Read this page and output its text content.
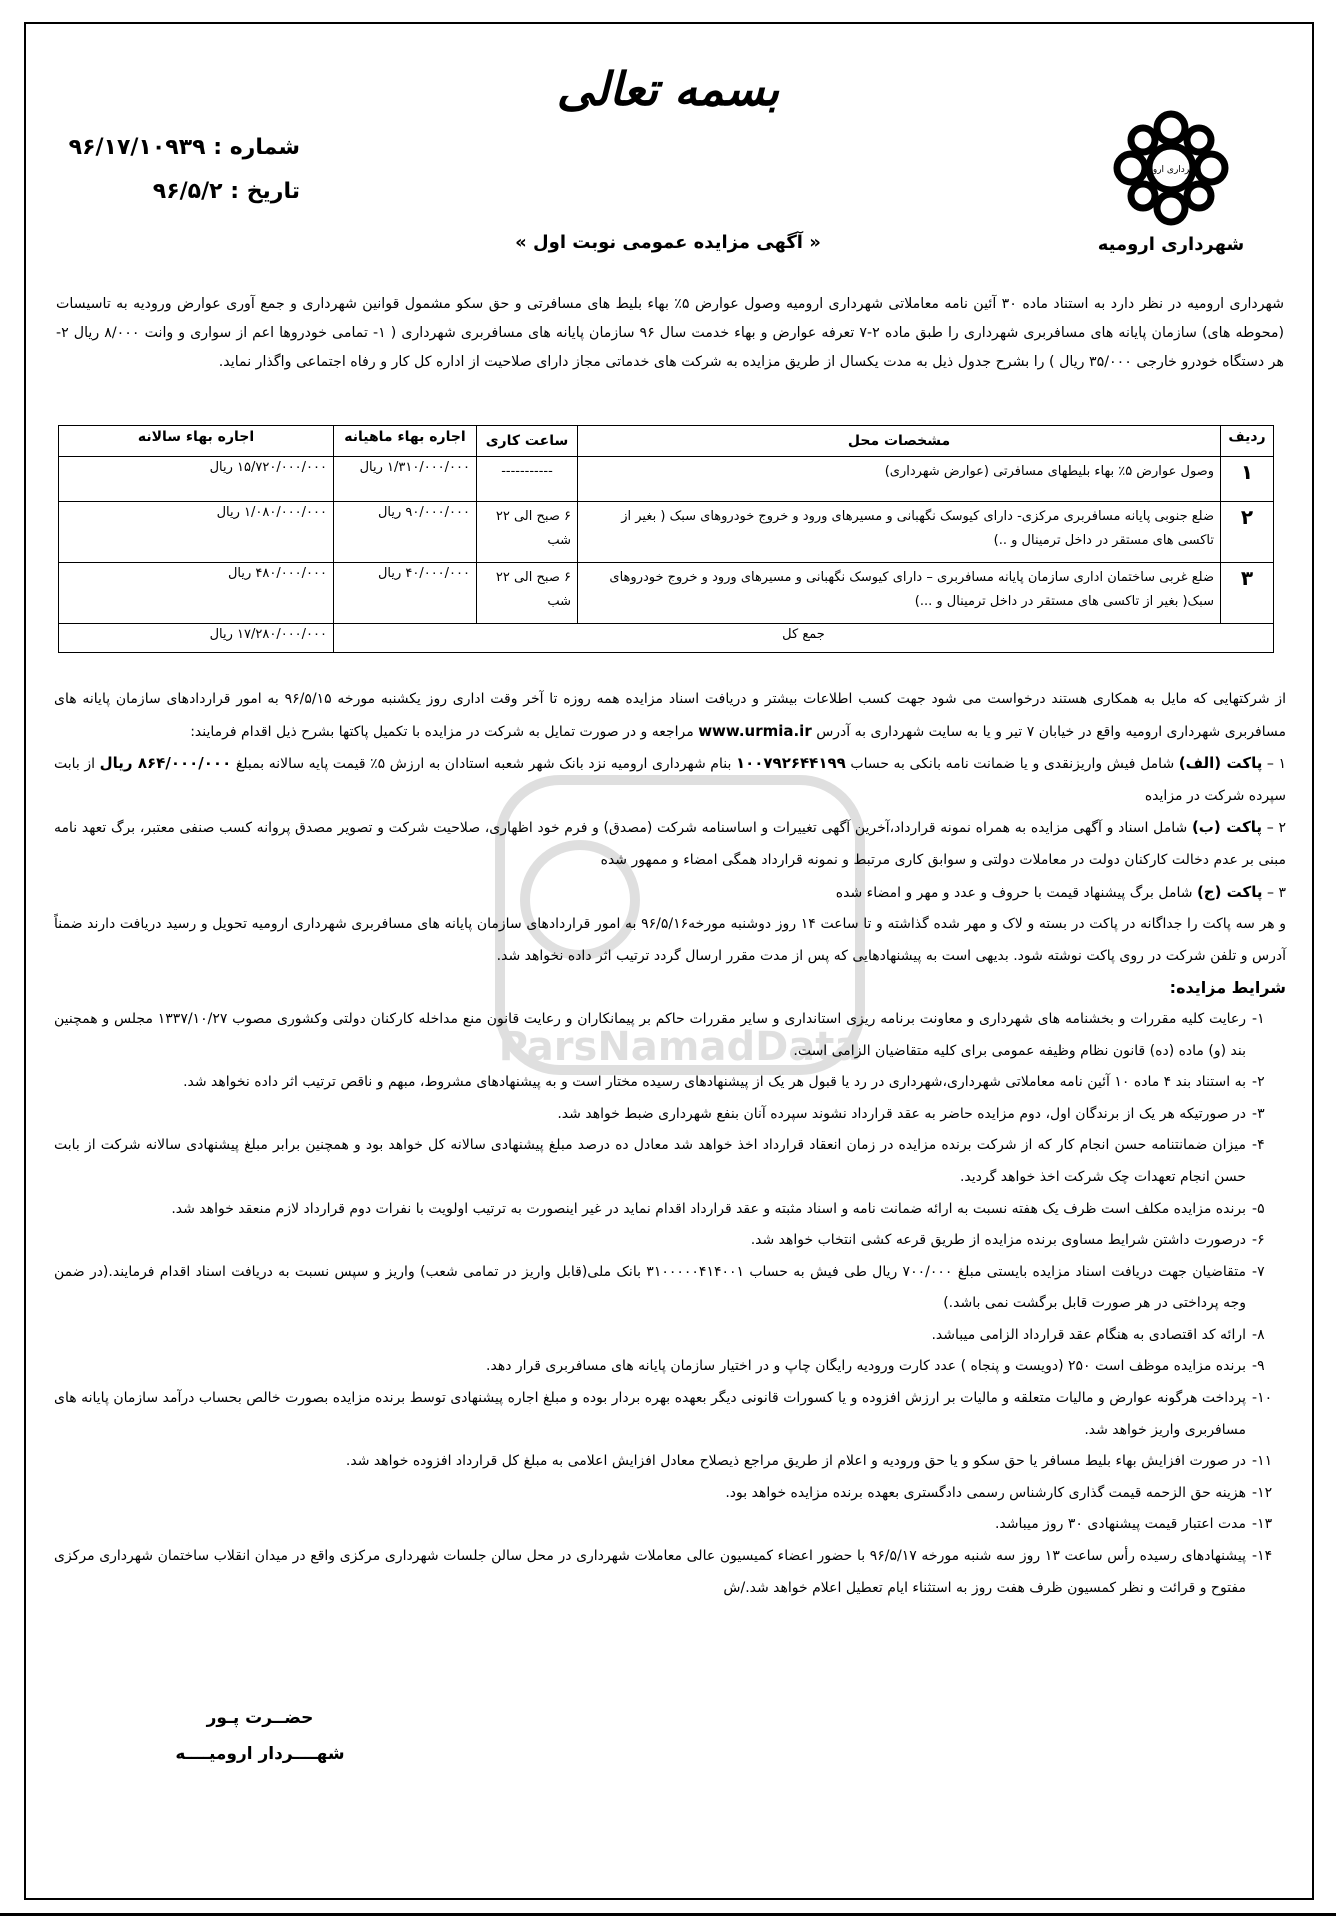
ParsNamadData
بسمه تعالی
شماره : ۹۶/۱۷/۱۰۹۳۹
تاریخ : ۹۶/۵/۲
شهرداری ارومیه
شهرداری ارومیه
« آگهی مزایده عمومی نوبت اول »
شهرداری ارومیه در نظر دارد به استناد ماده ۳۰ آئین نامه معاملاتی شهرداری ارومیه وصول عوارض ۵٪ بهاء بلیط های مسافرتی و حق سکو مشمول قوانین شهرداری و جمع آوری عوارض ورودیه به تاسیسات (محوطه های) سازمان پایانه های مسافربری شهرداری را طبق ماده ۲-۷ تعرفه عوارض و بهاء خدمت سال ۹۶ سازمان پایانه های مسافربری شهرداری ( ۱- تمامی خودروها اعم از سواری و وانت ۸/۰۰۰ ریال ۲- هر دستگاه خودرو خارجی ۳۵/۰۰۰ ریال ) را بشرح جدول ذیل به مدت یکسال از طریق مزایده به شرکت های خدماتی مجاز دارای صلاحیت از اداره کل کار و رفاه اجتماعی واگذار نماید.
ردیف	مشخصات محل	ساعت کاری	اجاره بهاء ماهیانه	اجاره بهاء سالانه
۱	وصول عوارض ۵٪ بهاء بلیطهای مسافرتی (عوارض شهرداری)	-----------	۱/۳۱۰/۰۰۰/۰۰۰ ریال	۱۵/۷۲۰/۰۰۰/۰۰۰ ریال
۲	ضلع جنوبی پایانه مسافربری مرکزی- دارای کیوسک نگهبانی و مسیرهای ورود و خروج خودروهای سبک ( بغیر از تاکسی های مستقر در داخل ترمینال و ..)	۶ صبح الی ۲۲ شب	۹۰/۰۰۰/۰۰۰ ریال	۱/۰۸۰/۰۰۰/۰۰۰ ریال
۳	ضلع غربی ساختمان اداری سازمان پایانه مسافربری – دارای کیوسک نگهبانی و مسیرهای ورود و خروج خودروهای سبک( بغیر از تاکسی های مستقر در داخل ترمینال و ...)	۶ صبح الی ۲۲ شب	۴۰/۰۰۰/۰۰۰ ریال	۴۸۰/۰۰۰/۰۰۰ ریال
جمع کل				۱۷/۲۸۰/۰۰۰/۰۰۰ ریال

از شرکتهایی که مایل به همکاری هستند درخواست می شود جهت کسب اطلاعات بیشتر و دریافت اسناد مزایده همه روزه تا آخر وقت اداری روز یکشنبه مورخه ۹۶/۵/۱۵ به امور قراردادهای سازمان پایانه های مسافربری شهرداری ارومیه واقع در خیابان ۷ تیر و یا به سایت شهرداری به آدرس www.urmia.ir مراجعه و در صورت تمایل به شرکت در مزایده با تکمیل پاکتها بشرح ذیل اقدام فرمایند:

۱ – پاکت (الف) شامل فیش واریزنقدی و یا ضمانت نامه بانکی به حساب ۱۰۰۷۹۲۶۴۴۱۹۹ بنام شهرداری ارومیه نزد بانک شهر شعبه استادان به ارزش ۵٪ قیمت پایه سالانه بمبلغ ۸۶۴/۰۰۰/۰۰۰ ریال از بابت سپرده شرکت در مزایده

۲ – پاکت (ب) شامل اسناد و آگهی مزایده به همراه نمونه قرارداد،آخرین آگهی تغییرات و اساسنامه شرکت (مصدق) و فرم خود اظهاری، صلاحیت شرکت و تصویر مصدق پروانه کسب صنفی معتبر، برگ تعهد نامه مبنی بر عدم دخالت کارکنان دولت در معاملات دولتی و سوابق کاری مرتبط و نمونه قرارداد همگی امضاء و ممهور شده

۳ – پاکت (ج) شامل برگ پیشنهاد قیمت با حروف و عدد و مهر و امضاء شده

و هر سه پاکت را جداگانه در پاکت در بسته و لاک و مهر شده گذاشته و تا ساعت ۱۴ روز دوشنبه مورخه۹۶/۵/۱۶ به امور قراردادهای سازمان پایانه های مسافربری شهرداری ارومیه تحویل و رسید دریافت دارند ضمناً آدرس و تلفن شرکت در روی پاکت نوشته شود. بدیهی است به پیشنهادهایی که پس از مدت مقرر ارسال گردد ترتیب اثر داده نخواهد شد.

شرایط مزایده:

۱-
رعایت کلیه مقررات و بخشنامه های شهرداری و معاونت برنامه ریزی استانداری و سایر مقررات حاکم بر پیمانکاران و رعایت قانون منع مداخله کارکنان دولتی وکشوری مصوب ۱۳۳۷/۱۰/۲۷ مجلس و همچنین بند (و) ماده (ده) قانون نظام وظیفه عمومی برای کلیه متقاضیان الزامی است.
۲-
به استناد بند ۴ ماده ۱۰ آئین نامه معاملاتی شهرداری،شهرداری در رد یا قبول هر یک از پیشنهادهای رسیده مختار است و به پیشنهادهای مشروط، مبهم و ناقص ترتیب اثر داده نخواهد شد.
۳-
در صورتیکه هر یک از برندگان اول، دوم مزایده حاضر به عقد قرارداد نشوند سپرده آنان بنفع شهرداری ضبط خواهد شد.
۴-
میزان ضمانتنامه حسن انجام کار که از شرکت برنده مزایده در زمان انعقاد قرارداد اخذ خواهد شد معادل ده درصد مبلغ پیشنهادی سالانه کل خواهد بود و همچنین برابر مبلغ پیشنهادی سالانه شرکت از بابت حسن انجام تعهدات چک شرکت اخذ خواهد گردید.
۵-
برنده مزایده مکلف است ظرف یک هفته نسبت به ارائه ضمانت نامه و اسناد مثبته و عقد قرارداد اقدام نماید در غیر اینصورت به ترتیب اولویت با نفرات دوم قرارداد لازم منعقد خواهد شد.
۶-
درصورت داشتن شرایط مساوی برنده مزایده از طریق قرعه کشی انتخاب خواهد شد.
۷-
متقاضیان جهت دریافت اسناد مزایده بایستی مبلغ ۷۰۰/۰۰۰ ریال طی فیش به حساب ۳۱۰۰۰۰۰۴۱۴۰۰۱ بانک ملی(قابل واریز در تمامی شعب) واریز و سپس نسبت به دریافت اسناد اقدام فرمایند.(در ضمن وجه پرداختی در هر صورت قابل برگشت نمی باشد.)
۸-
ارائه کد اقتصادی به هنگام عقد قرارداد الزامی میباشد.
۹-
برنده مزایده موظف است ۲۵۰ (دویست و پنجاه ) عدد کارت ورودیه رایگان چاپ و در اختیار سازمان پایانه های مسافربری قرار دهد.
۱۰-
پرداخت هرگونه عوارض و مالیات متعلقه و مالیات بر ارزش افزوده و یا کسورات قانونی دیگر بعهده بهره بردار بوده و مبلغ اجاره پیشنهادی توسط برنده مزایده بصورت خالص بحساب درآمد سازمان پایانه های مسافربری واریز خواهد شد.
۱۱-
در صورت افزایش بهاء بلیط مسافر یا حق سکو و یا حق ورودیه و اعلام از طریق مراجع ذیصلاح معادل افزایش اعلامی به مبلغ کل قرارداد افزوده خواهد شد.
۱۲-
هزینه حق الزحمه قیمت گذاری کارشناس رسمی دادگستری بعهده برنده مزایده خواهد بود.
۱۳-
مدت اعتبار قیمت پیشنهادی ۳۰ روز میباشد.
۱۴-
پیشنهادهای رسیده رأس ساعت ۱۳ روز سه شنبه مورخه ۹۶/۵/۱۷ با حضور اعضاء کمیسیون عالی معاملات شهرداری در محل سالن جلسات شهرداری مرکزی واقع در میدان انقلاب ساختمان شهرداری مرکزی مفتوح و قرائت و نظر کمسیون ظرف هفت روز به استثناء ایام تعطیل اعلام خواهد شد./ش
حضــرت پـور
شهــــردار ارومیــــه
